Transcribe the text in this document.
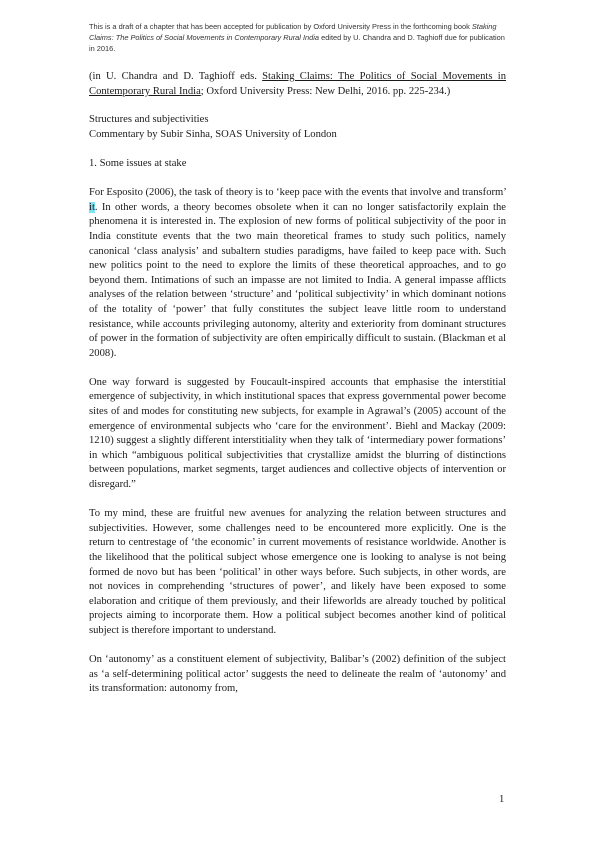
This is a draft of a chapter that has been accepted for publication by Oxford University Press in the forthcoming book Staking Claims: The Politics of Social Movements in Contemporary Rural India edited by U. Chandra and D. Taghioff due for publication in 2016.

(in U. Chandra and D. Taghioff eds. Staking Claims: The Politics of Social Movements in Contemporary Rural India; Oxford University Press: New Delhi, 2016. pp. 225-234.)

Structures and subjectivities

Commentary by Subir Sinha, SOAS University of London

1. Some issues at stake

For Esposito (2006), the task of theory is to ‘keep pace with the events that involve and transform’ it. In other words, a theory becomes obsolete when it can no longer satisfactorily explain the phenomena it is interested in. The explosion of new forms of political subjectivity of the poor in India constitute events that the two main theoretical frames to study such politics, namely canonical ‘class analysis’ and subaltern studies paradigms, have failed to keep pace with. Such new politics point to the need to explore the limits of these theoretical approaches, and to go beyond them. Intimations of such an impasse are not limited to India. A general impasse afflicts analyses of the relation between ‘structure’ and ‘political subjectivity’ in which dominant notions of the totality of ‘power’ that fully constitutes the subject leave little room to understand resistance, while accounts privileging autonomy, alterity and exteriority from dominant structures of power in the formation of subjectivity are often empirically difficult to sustain. (Blackman et al 2008).

One way forward is suggested by Foucault-inspired accounts that emphasise the interstitial emergence of subjectivity, in which institutional spaces that express governmental power become sites of and modes for constituting new subjects, for example in Agrawal’s (2005) account of the emergence of environmental subjects who ‘care for the environment’. Biehl and Mackay (2009: 1210) suggest a slightly different interstitiality when they talk of ‘intermediary power formations’ in which “ambiguous political subjectivities that crystallize amidst the blurring of distinctions between populations, market segments, target audiences and collective objects of intervention or disregard.”

To my mind, these are fruitful new avenues for analyzing the relation between structures and subjectivities. However, some challenges need to be encountered more explicitly. One is the return to centrestage of ‘the economic’ in current movements of resistance worldwide. Another is the likelihood that the political subject whose emergence one is looking to analyse is not being formed de novo but has been ‘political’ in other ways before. Such subjects, in other words, are not novices in comprehending ‘structures of power’, and likely have been exposed to some elaboration and critique of them previously, and their lifeworlds are already touched by political projects aiming to incorporate them. How a political subject becomes another kind of political subject is therefore important to understand.

On ‘autonomy’ as a constituent element of subjectivity, Balibar’s (2002) definition of the subject as ‘a self-determining political actor’ suggests the need to delineate the realm of ‘autonomy’ and its transformation: autonomy from,

1
